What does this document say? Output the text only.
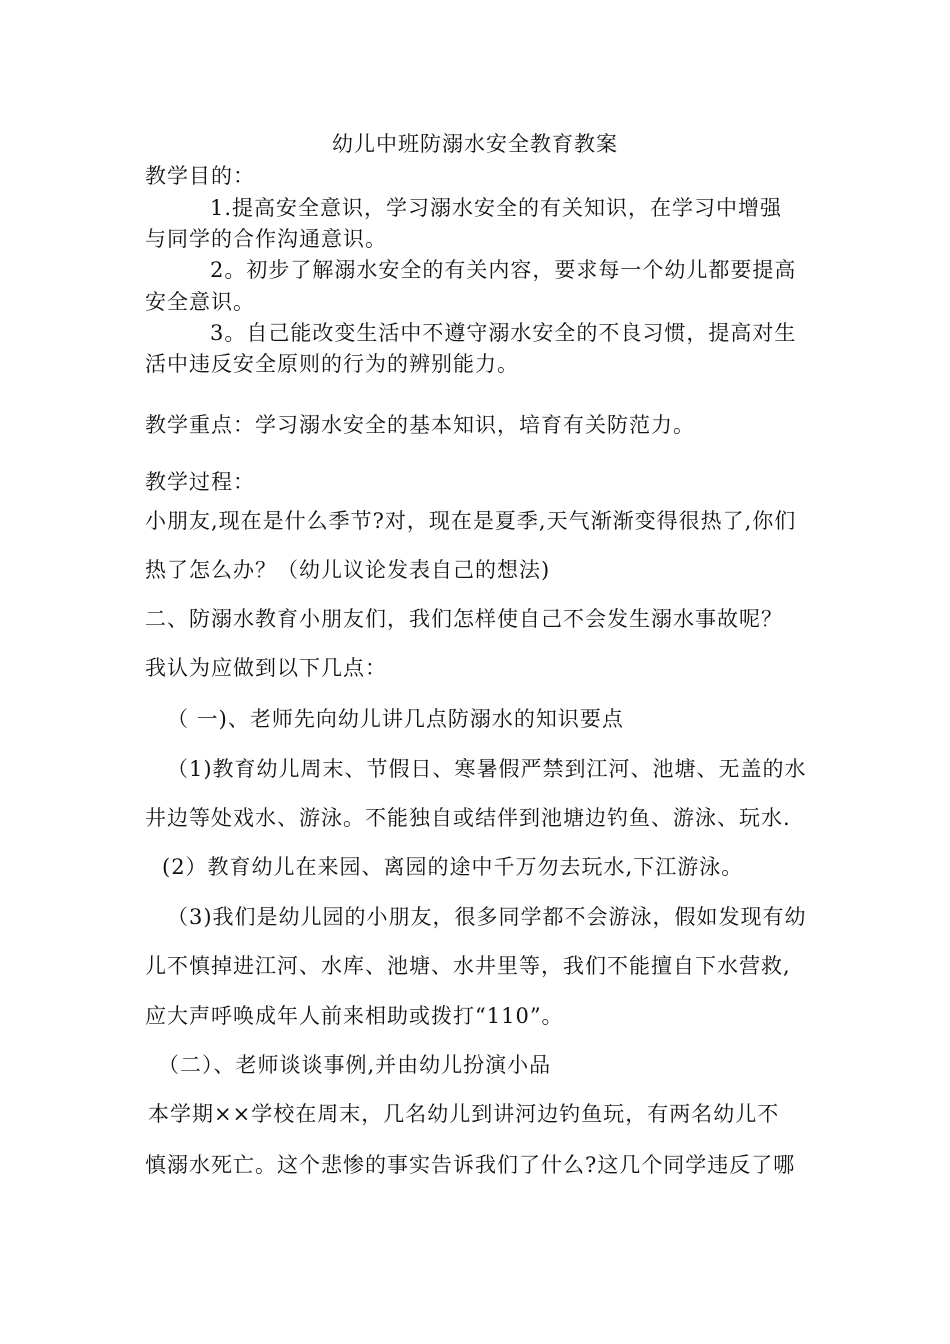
幼儿中班防溺水安全教育教案
教学目的：
1.提高安全意识，学习溺水安全的有关知识，在学习中增强
与同学的合作沟通意识。
2。初步了解溺水安全的有关内容，要求每一个幼儿都要提高
安全意识。
3。自己能改变生活中不遵守溺水安全的不良习惯，提高对生
活中违反安全原则的行为的辨别能力。
教学重点：学习溺水安全的基本知识，培育有关防范力。
教学过程：
小朋友,现在是什么季节?对，现在是夏季,天气渐渐变得很热了,你们
热了怎么办？（幼儿议论发表自己的想法)
二、防溺水教育小朋友们，我们怎样使自己不会发生溺水事故呢？
我认为应做到以下几点：
（ 一)、老师先向幼儿讲几点防溺水的知识要点
（1)教育幼儿周末、节假日、寒暑假严禁到江河、池塘、无盖的水
井边等处戏水、游泳。不能独自或结伴到池塘边钓鱼、游泳、玩水.
(2）教育幼儿在来园、离园的途中千万勿去玩水,下江游泳。
（3)我们是幼儿园的小朋友，很多同学都不会游泳，假如发现有幼
儿不慎掉进江河、水库、池塘、水井里等，我们不能擅自下水营救,
应大声呼唤成年人前来相助或拨打“110”。
（二）、老师谈谈事例,并由幼儿扮演小品
本学期××学校在周末，几名幼儿到讲河边钓鱼玩，有两名幼儿不
慎溺水死亡。这个悲惨的事实告诉我们了什么?这几个同学违反了哪
